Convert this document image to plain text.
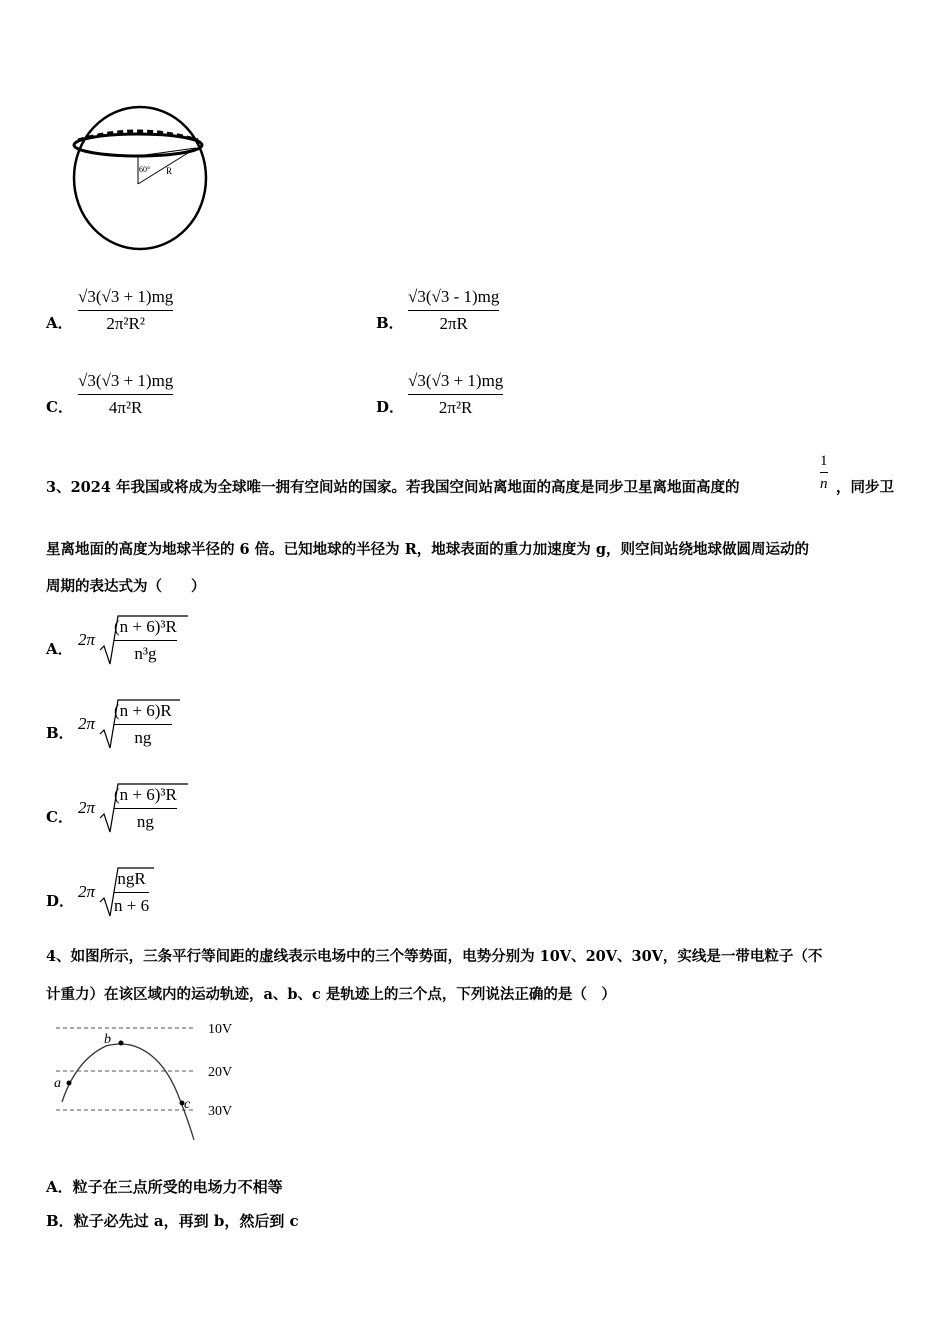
60° R
A．
√3(√3 + 1)mg
2π²R²	B．
√3(√3 - 1)mg
2πR
C．
√3(√3 + 1)mg
4π²R	D．
√3(√3 + 1)mg
2π²R
3、2024 年我国或将成为全球唯一拥有空间站的国家。若我国空间站离地面的高度是同步卫星离地面高度的
1
n ，同步卫
星离地面的高度为地球半径的 6 倍。已知地球的半径为 R，地球表面的重力加速度为 g，则空间站绕地球做圆周运动的
周期的表达式为（　　）
A． 2π
(n + 6)³R
n³g
B． 2π
(n + 6)R
ng
C． 2π
(n + 6)³R
ng
D． 2π
ngR
n + 6
4、如图所示，三条平行等间距的虚线表示电场中的三个等势面，电势分别为 10V、20V、30V，实线是一带电粒子（不
计重力）在该区域内的运动轨迹，a、b、c 是轨迹上的三个点，下列说法正确的是（　）
10V
20V
30V
a
b
c
A．粒子在三点所受的电场力不相等
B．粒子必先过 a，再到 b，然后到 c
